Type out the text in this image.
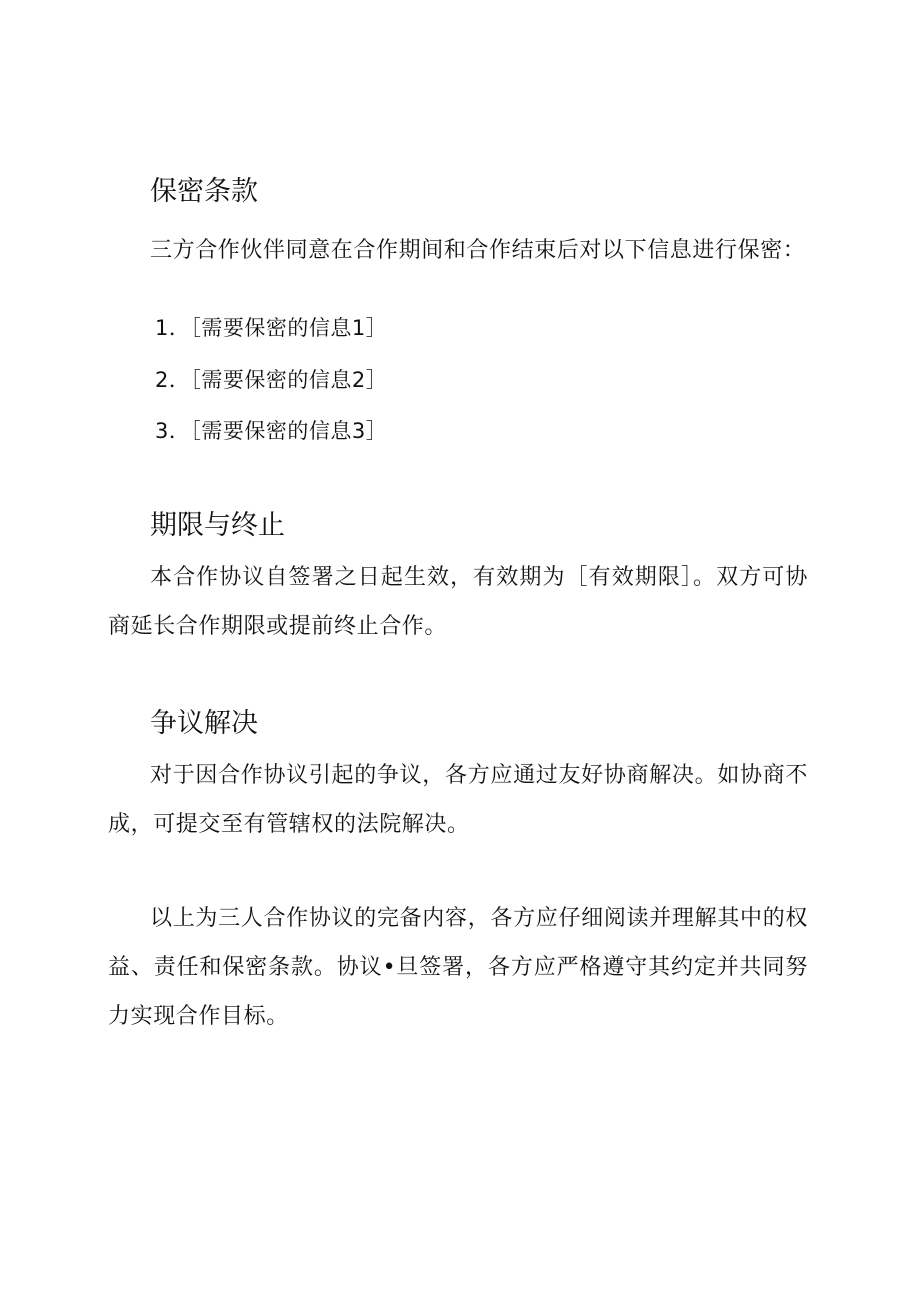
保密条款
三方合作伙伴同意在合作期间和合作结束后对以下信息进行保密：
1．［需要保密的信息1］
2．［需要保密的信息2］
3．［需要保密的信息3］
期限与终止
本合作协议自签署之日起生效，有效期为［有效期限］。双方可协商延长合作期限或提前终止合作。
争议解决
对于因合作协议引起的争议，各方应通过友好协商解决。如协商不成，可提交至有管辖权的法院解决。
以上为三人合作协议的完备内容，各方应仔细阅读并理解其中的权益、责任和保密条款。协议•旦签署，各方应严格遵守其约定并共同努力实现合作目标。
